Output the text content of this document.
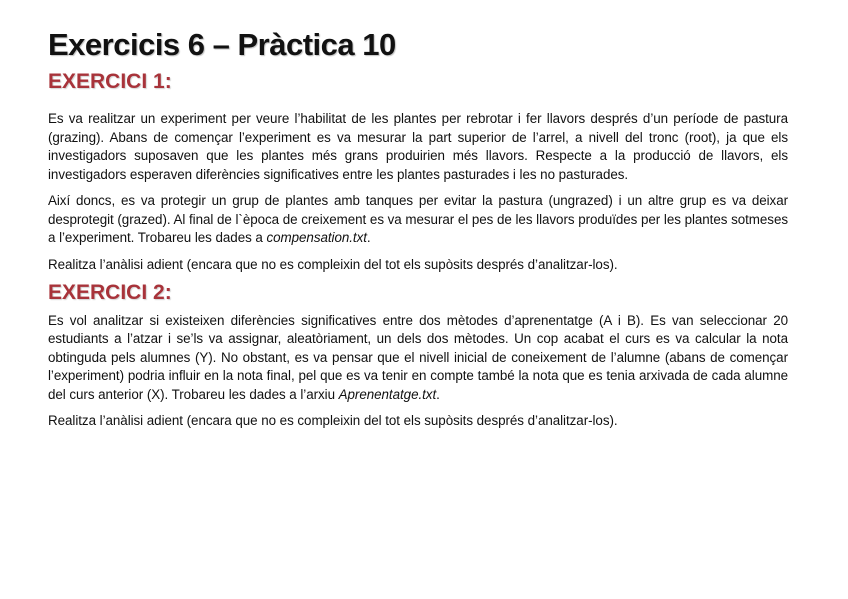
Exercicis 6 – Pràctica 10
EXERCICI 1:

Es va realitzar un experiment per veure l’habilitat de les plantes per rebrotar i fer llavors després d’un període de pastura (grazing). Abans de començar l’experiment es va mesurar la part superior de l’arrel, a nivell del tronc (root), ja que els investigadors suposaven que les plantes més grans produirien més llavors. Respecte a la producció de llavors, els investigadors esperaven diferències significatives entre les plantes pasturades i les no pasturades.

Així doncs, es va protegir un grup de plantes amb tanques per evitar la pastura (ungrazed) i un altre grup es va deixar desprotegit (grazed). Al final de l`època de creixement es va mesurar el pes de les llavors produïdes per les plantes sotmeses a l’experiment. Trobareu les dades a compensation.txt.

Realitza l’anàlisi adient (encara que no es compleixin del tot els supòsits després d’analitzar-los).

EXERCICI 2:

Es vol analitzar si existeixen diferències significatives entre dos mètodes d’aprenentatge (A i B). Es van seleccionar 20 estudiants a l’atzar i se’ls va assignar, aleatòriament, un dels dos mètodes. Un cop acabat el curs es va calcular la nota obtinguda pels alumnes (Y). No obstant, es va pensar que el nivell inicial de coneixement de l’alumne (abans de començar l’experiment) podria influir en la nota final, pel que es va tenir en compte també la nota que es tenia arxivada de cada alumne del curs anterior (X). Trobareu les dades a l’arxiu Aprenentatge.txt.

Realitza l’anàlisi adient (encara que no es compleixin del tot els supòsits després d’analitzar-los).
